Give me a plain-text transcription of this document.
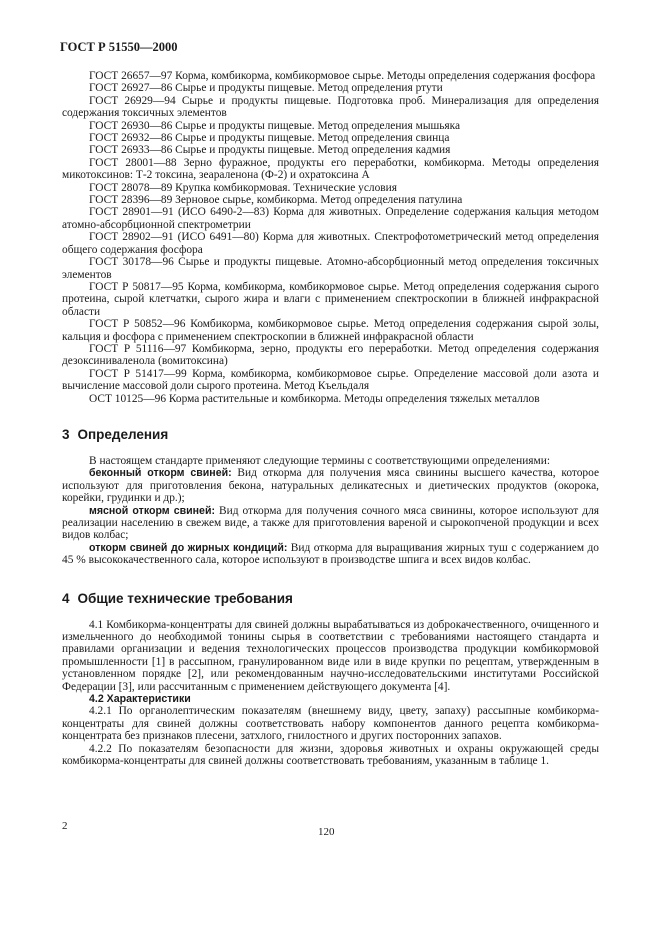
ГОСТ Р 51550—2000

ГОСТ 26657—97 Корма, комбикорма, комбикормовое сырье. Методы определения содержания фосфора

ГОСТ 26927—86 Сырье и продукты пищевые. Метод определения ртути

ГОСТ 26929—94 Сырье и продукты пищевые. Подготовка проб. Минерализация для определения содержания токсичных элементов

ГОСТ 26930—86 Сырье и продукты пищевые. Метод определения мышьяка

ГОСТ 26932—86 Сырье и продукты пищевые. Метод определения свинца

ГОСТ 26933—86 Сырье и продукты пищевые. Метод определения кадмия

ГОСТ 28001—88 Зерно фуражное, продукты его переработки, комбикорма. Методы определения микотоксинов: Т-2 токсина, зеараленона (Ф-2) и охратоксина А

ГОСТ 28078—89 Крупка комбикормовая. Технические условия

ГОСТ 28396—89 Зерновое сырье, комбикорма. Метод определения патулина

ГОСТ 28901—91 (ИСО 6490-2—83) Корма для животных. Определение содержания кальция методом атомно-абсорбционной спектрометрии

ГОСТ 28902—91 (ИСО 6491—80) Корма для животных. Спектрофотометрический метод определения общего содержания фосфора

ГОСТ 30178—96 Сырье и продукты пищевые. Атомно-абсорбционный метод определения токсичных элементов

ГОСТ Р 50817—95 Корма, комбикорма, комбикормовое сырье. Метод определения содержания сырого протеина, сырой клетчатки, сырого жира и влаги с применением спектроскопии в ближней инфракрасной области

ГОСТ Р 50852—96 Комбикорма, комбикормовое сырье. Метод определения содержания сырой золы, кальция и фосфора с применением спектроскопии в ближней инфракрасной области

ГОСТ Р 51116—97 Комбикорма, зерно, продукты его переработки. Метод определения содержания дезоксиниваленола (вомитоксина)

ГОСТ Р 51417—99 Корма, комбикорма, комбикормовое сырье. Определение массовой доли азота и вычисление массовой доли сырого протеина. Метод Къельдаля

ОСТ 10125—96 Корма растительные и комбикорма. Методы определения тяжелых металлов

3 Определения

В настоящем стандарте применяют следующие термины с соответствующими определениями:

беконный откорм свиней: Вид откорма для получения мяса свинины высшего качества, которое используют для приготовления бекона, натуральных деликатесных и диетических продуктов (окорока, корейки, грудинки и др.);

мясной откорм свиней: Вид откорма для получения сочного мяса свинины, которое используют для реализации населению в свежем виде, а также для приготовления вареной и сырокопченой продукции и всех видов колбас;

откорм свиней до жирных кондиций: Вид откорма для выращивания жирных туш с содержанием до 45 % высококачественного сала, которое используют в производстве шпига и всех видов колбас.

4 Общие технические требования

4.1 Комбикорма-концентраты для свиней должны вырабатываться из доброкачественного, очищенного и измельченного до необходимой тонины сырья в соответствии с требованиями настоящего стандарта и правилами организации и ведения технологических процессов производства продукции комбикормовой промышленности [1] в рассыпном, гранулированном виде или в виде крупки по рецептам, утвержденным в установленном порядке [2], или рекомендованным научно-исследовательскими институтами Российской Федерации [3], или рассчитанным с применением действующего документа [4].

4.2 Характеристики

4.2.1 По органолептическим показателям (внешнему виду, цвету, запаху) рассыпные комбикорма-концентраты для свиней должны соответствовать набору компонентов данного рецепта комбикорма-концентрата без признаков плесени, затхлого, гнилостного и других посторонних запахов.

4.2.2 По показателям безопасности для жизни, здоровья животных и охраны окружающей среды комбикорма-концентраты для свиней должны соответствовать требованиям, указанным в таблице 1.

2	120
